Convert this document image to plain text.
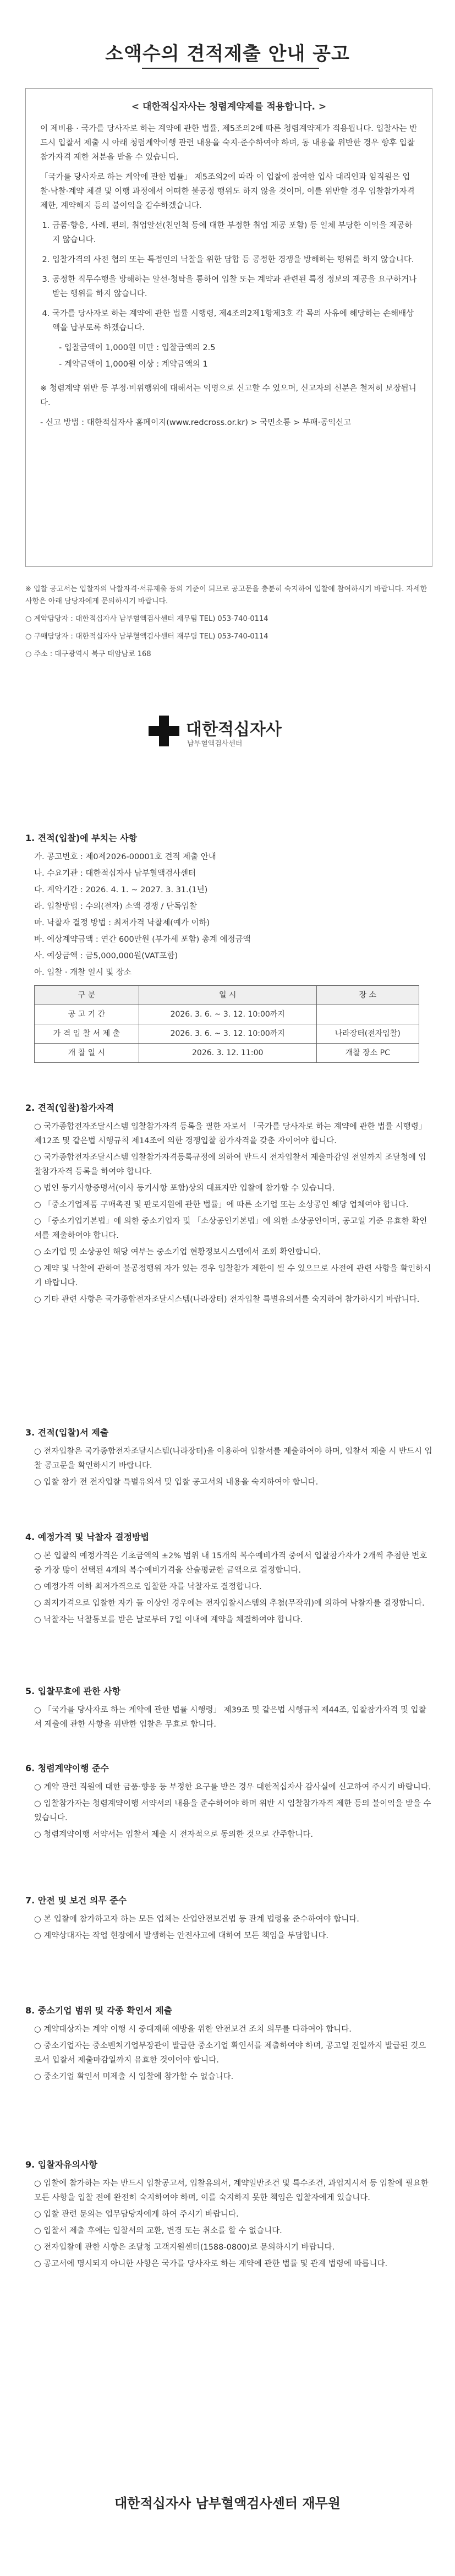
소액수의 견적제출 안내 공고
< 대한적십자사는 청렴계약제를 적용합니다. >

이 제비용 · 국가를 당사자로 하는 계약에 관한 법률, 제5조의2에 따른 청렴계약제가 적용됩니다. 입찰사는 반드시 입찰서 제출 시 아래 청렴계약이행 관련 내용을 숙지·준수하여야 하며, 동 내용을 위반한 경우 향후 입찰참가자격 제한 처분을 받을 수 있습니다.

「국가를 당사자로 하는 계약에 관한 법률」 제5조의2에 따라 이 입찰에 참여한 입사 대리인과 임직원은 입찰·낙찰·계약 체결 및 이행 과정에서 어떠한 불공정 행위도 하지 않을 것이며, 이를 위반할 경우 입찰참가자격 제한, 계약해지 등의 불이익을 감수하겠습니다.

1. 금품·향응, 사례, 편의, 취업알선(친인척 등에 대한 부정한 취업 제공 포함) 등 일체 부당한 이익을 제공하지 않습니다.
2. 입찰가격의 사전 협의 또는 특정인의 낙찰을 위한 담합 등 공정한 경쟁을 방해하는 행위를 하지 않습니다.
3. 공정한 직무수행을 방해하는 알선·청탁을 통하여 입찰 또는 계약과 관련된 특정 정보의 제공을 요구하거나 받는 행위를 하지 않습니다.
4. 국가를 당사자로 하는 계약에 관한 법률 시행령, 제4조의2제1항제3호 각 목의 사유에 해당하는 손해배상액을 납부토록 하겠습니다.
- 입찰금액이 1,000원 미만 : 입찰금액의 2.5
- 계약금액이 1,000원 이상 : 계약금액의 1

※ 청렴계약 위반 등 부정·비위행위에 대해서는 익명으로 신고할 수 있으며, 신고자의 신분은 철저히 보장됩니다.

- 신고 방법 : 대한적십자사 홈페이지(www.redcross.or.kr) > 국민소통 > 부패·공익신고

※ 입찰 공고서는 입찰자의 낙찰자격·서류제출 등의 기준이 되므로 공고문을 충분히 숙지하여 입찰에 참여하시기 바랍니다. 자세한 사항은 아래 담당자에게 문의하시기 바랍니다.

○ 계약담당자 : 대한적십자사 남부혈액검사센터 재무팀 TEL) 053-740-0114

○ 구매담당자 : 대한적십자사 남부혈액검사센터 재무팀 TEL) 053-740-0114

○ 주소 : 대구광역시 북구 태암남로 168

대한적십자사
남부혈액검사센터
1. 견적(입찰)에 부치는 사항

가. 공고번호 : 제0제2026-00001호 견적 제출 안내

나. 수요기관 : 대한적십자사 남부혈액검사센터

다. 계약기간 : 2026. 4. 1. ~ 2027. 3. 31.(1년)

라. 입찰방법 : 수의(전자) 소액 경쟁 / 단독입찰

마. 낙찰자 결정 방법 : 최저가격 낙찰제(예가 이하)

바. 예상계약금액 : 연간 ​600만원 (부가세 포함) 총계 예정금액

사. 예상금액 : 금5,000,000원(VAT포함)

아. 입찰 · 개찰 일시 및 장소

구 분	일 시	장 소
공 고 기 간	2026. 3. 6. ~ 3. 12. 10:00까지	
가 격 입 찰 서 제 출	2026. 3. 6. ~ 3. 12. 10:00까지	나라장터(전자입찰)
개 찰 일 시	2026. 3. 12. 11:00	개찰 장소 PC
2. 견적(입찰)참가자격

○ 국가종합전자조달시스템 입찰참가자격 등록을 필한 자로서 「국가를 당사자로 하는 계약에 관한 법률 시행령」 제12조 및 같은법 시행규칙 제14조에 의한 경쟁입찰 참가자격을 갖춘 자이어야 합니다.

○ 국가종합전자조달시스템 입찰참가자격등록규정에 의하여 반드시 전자입찰서 제출마감일 전일까지 조달청에 입찰참가자격 등록을 하여야 합니다.

○ 법인 등기사항증명서(이사 등기사항 포함)상의 대표자만 입찰에 참가할 수 있습니다.

○ 「중소기업제품 구매촉진 및 판로지원에 관한 법률」에 따른 소기업 또는 소상공인 해당 업체여야 합니다.

○ 「중소기업기본법」에 의한 중소기업자 및 「소상공인기본법」에 의한 소상공인이며, 공고일 기준 유효한 확인서를 제출하여야 합니다.

○ 소기업 및 소상공인 해당 여부는 중소기업 현황정보시스템에서 조회 확인합니다.

○ 계약 및 낙찰에 관하여 불공정행위 자가 있는 경우 입찰참가 제한이 될 수 있으므로 사전에 관련 사항을 확인하시기 바랍니다.

○ 기타 관련 사항은 국가종합전자조달시스템(나라장터) 전자입찰 특별유의서를 숙지하여 참가하시기 바랍니다.

3. 견적(입찰)서 제출

○ 전자입찰은 국가종합전자조달시스템(나라장터)을 이용하여 입찰서를 제출하여야 하며, 입찰서 제출 시 반드시 입찰 공고문을 확인하시기 바랍니다.

○ 입찰 참가 전 전자입찰 특별유의서 및 입찰 공고서의 내용을 숙지하여야 합니다.

4. 예정가격 및 낙찰자 결정방법

○ 본 입찰의 예정가격은 기초금액의 ±2% 범위 내 15개의 복수예비가격 중에서 입찰참가자가 2개씩 추첨한 번호 중 가장 많이 선택된 4개의 복수예비가격을 산술평균한 금액으로 결정합니다.

○ 예정가격 이하 최저가격으로 입찰한 자를 낙찰자로 결정합니다.

○ 최저가격으로 입찰한 자가 둘 이상인 경우에는 전자입찰시스템의 추첨(무작위)에 의하여 낙찰자를 결정합니다.

○ 낙찰자는 낙찰통보를 받은 날로부터 7일 이내에 계약을 체결하여야 합니다.

5. 입찰무효에 관한 사항

○ 「국가를 당사자로 하는 계약에 관한 법률 시행령」 제39조 및 같은법 시행규칙 제44조, 입찰참가자격 및 입찰서 제출에 관한 사항을 위반한 입찰은 무효로 합니다.

6. 청렴계약이행 준수

○ 계약 관련 직원에 대한 금품·향응 등 부정한 요구를 받은 경우 대한적십자사 감사실에 신고하여 주시기 바랍니다.

○ 입찰참가자는 청렴계약이행 서약서의 내용을 준수하여야 하며 위반 시 입찰참가자격 제한 등의 불이익을 받을 수 있습니다.

○ 청렴계약이행 서약서는 입찰서 제출 시 전자적으로 동의한 것으로 간주합니다.

7. 안전 및 보건 의무 준수

○ 본 입찰에 참가하고자 하는 모든 업체는 산업안전보건법 등 관계 법령을 준수하여야 합니다.

○ 계약상대자는 작업 현장에서 발생하는 안전사고에 대하여 모든 책임을 부담합니다.

8. 중소기업 범위 및 각종 확인서 제출

○ 계약대상자는 계약 이행 시 중대재해 예방을 위한 안전보건 조치 의무를 다하여야 합니다.

○ 중소기업자는 중소벤처기업부장관이 발급한 중소기업 확인서를 제출하여야 하며, 공고일 전일까지 발급된 것으로서 입찰서 제출마감일까지 유효한 것이어야 합니다.

○ 중소기업 확인서 미제출 시 입찰에 참가할 수 없습니다.

9. 입찰자유의사항

○ 입찰에 참가하는 자는 반드시 입찰공고서, 입찰유의서, 계약일반조건 및 특수조건, 과업지시서 등 입찰에 필요한 모든 사항을 입찰 전에 완전히 숙지하여야 하며, 이를 숙지하지 못한 책임은 입찰자에게 있습니다.

○ 입찰 관련 문의는 업무담당자에게 하여 주시기 바랍니다.

○ 입찰서 제출 후에는 입찰서의 교환, 변경 또는 취소를 할 수 없습니다.

○ 전자입찰에 관한 사항은 조달청 고객지원센터(1588-0800)로 문의하시기 바랍니다.

○ 공고서에 명시되지 아니한 사항은 국가를 당사자로 하는 계약에 관한 법률 및 관계 법령에 따릅니다.

대한적십자사 남부혈액검사센터 재무원
